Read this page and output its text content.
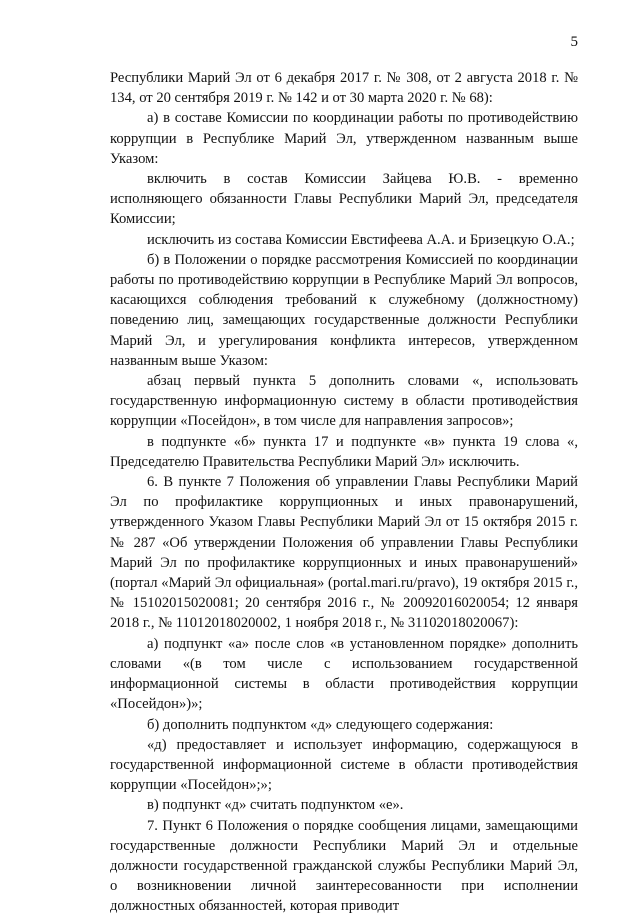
5

Республики Марий Эл от 6 декабря 2017 г. № 308, от 2 августа 2018 г. № 134, от 20 сентября 2019 г. № 142 и от 30 марта 2020 г. № 68):

а) в составе Комиссии по координации работы по противодействию коррупции в Республике Марий Эл, утвержденном названным выше Указом:

включить в состав Комиссии Зайцева Ю.В. - временно исполняющего обязанности Главы Республики Марий Эл, председателя Комиссии;

исключить из состава Комиссии Евстифеева А.А. и Бризецкую О.А.;

б) в Положении о порядке рассмотрения Комиссией по координации работы по противодействию коррупции в Республике Марий Эл вопросов, касающихся соблюдения требований к служебному (должностному) поведению лиц, замещающих государственные должности Республики Марий Эл, и урегулирования конфликта интересов, утвержденном названным выше Указом:

абзац первый пункта 5 дополнить словами «, использовать государственную информационную систему в области противодействия коррупции «Посейдон», в том числе для направления запросов»;

в подпункте «б» пункта 17 и подпункте «в» пункта 19 слова «, Председателю Правительства Республики Марий Эл» исключить.

6. В пункте 7 Положения об управлении Главы Республики Марий Эл по профилактике коррупционных и иных правонарушений, утвержденного Указом Главы Республики Марий Эл от 15 октября 2015 г. № 287 «Об утверждении Положения об управлении Главы Республики Марий Эл по профилактике коррупционных и иных правонарушений» (портал «Марий Эл официальная» (portal.mari.ru/pravo), 19 октября 2015 г., № 15102015020081; 20 сентября 2016 г., № 20092016020054; 12 января 2018 г., № 11012018020002, 1 ноября 2018 г., № 31102018020067):

а) подпункт «а» после слов «в установленном порядке» дополнить словами «(в том числе с использованием государственной информационной системы в области противодействия коррупции «Посейдон»)»;

б) дополнить подпунктом «д» следующего содержания:

«д) предоставляет и использует информацию, содержащуюся в государственной информационной системе в области противодействия коррупции «Посейдон»;»;

в) подпункт «д» считать подпунктом «е».

7. Пункт 6 Положения о порядке сообщения лицами, замещающими государственные должности Республики Марий Эл и отдельные должности государственной гражданской службы Республики Марий Эл, о возникновении личной заинтересованности при исполнении должностных обязанностей, которая приводит
